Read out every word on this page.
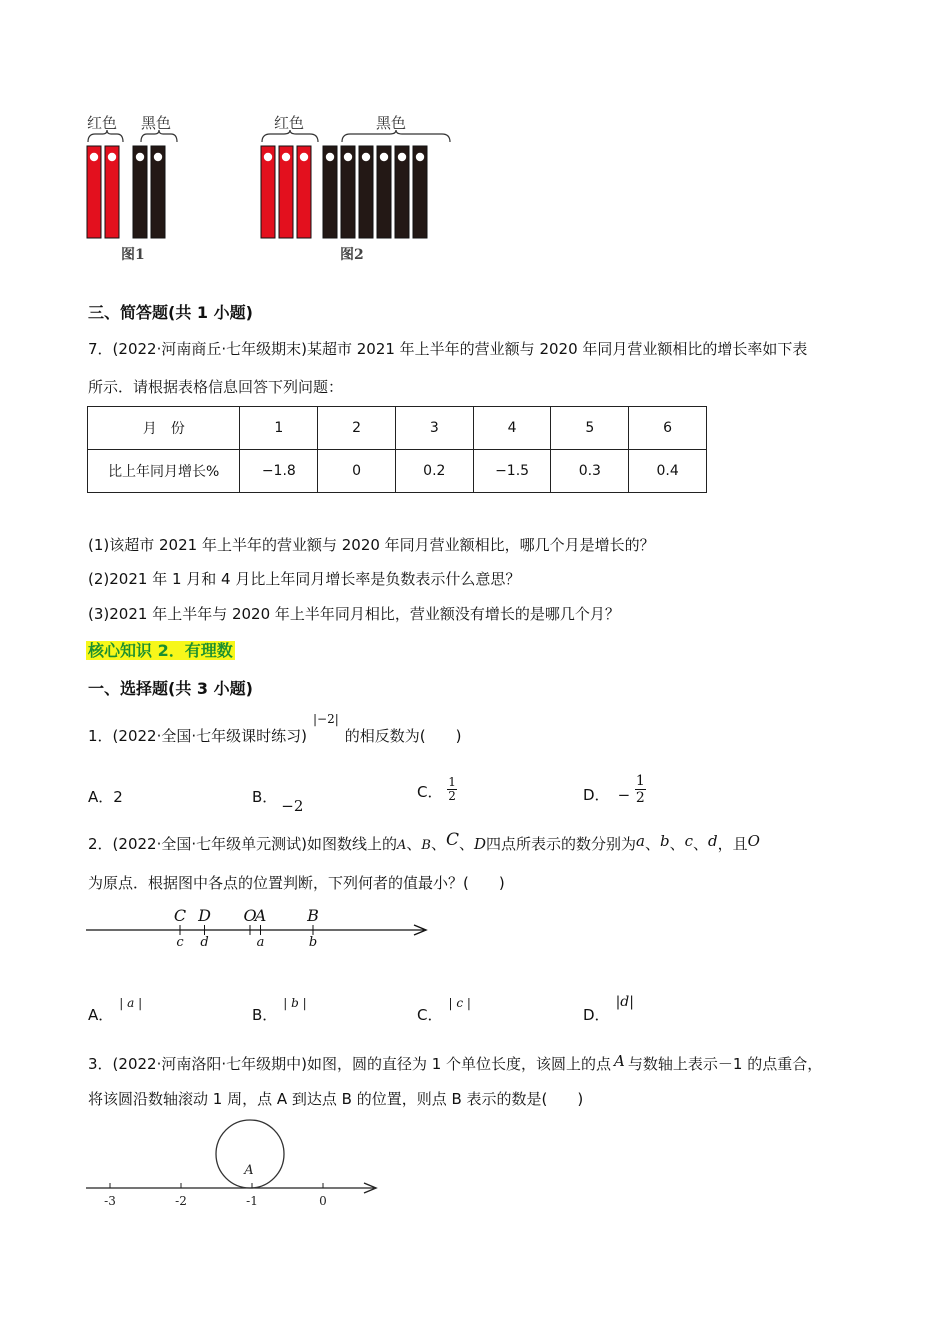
红色 黑色
图1
红色	黑色
图2
三、简答题(共 1 小题)
7．(2022·河南商丘·七年级期末)某超市 2021 年上半年的营业额与 2020 年同月营业额相比的增长率如下表
所示．请根据表格信息回答下列问题：
月　份	1	2	3	4	5	6
比上年同月增长%	−1.8	0	0.2	−1.5	0.3	0.4
(1)该超市 2021 年上半年的营业额与 2020 年同月营业额相比，哪几个月是增长的？
(2)2021 年 1 月和 4 月比上年同月增长率是负数表示什么意思？
(3)2021 年上半年与 2020 年上半年同月相比，营业额没有增长的是哪几个月？
核心知识 2．有理数
一、选择题(共 3 小题)
1．(2022·全国·七年级课时练习)$^{|-2|}$的相反数为(　　)
A．2	B． −2
C． $\frac{1}{2}$	D． − $\frac{1}{2}$
2．(2022·全国·七年级单元测试)如图数线上的A、B、C、D四点所表示的数分别为a、b、c、d，且O
为原点．根据图中各点的位置判断，下列何者的值最小？(　　)
C
c
D
d
O
A
a
B
b
A．$^{| a |}$
B．$^{| b |}$
C．$^{| c |}$
D．|d|
3．(2022·河南洛阳·七年级期中)如图，圆的直径为 1 个单位长度，该圆上的点 A 与数轴上表示－1 的点重合，
将该圆沿数轴滚动 1 周，点 A 到达点 B 的位置，则点 B 表示的数是(　　)
A
-3	-2	-1	0
